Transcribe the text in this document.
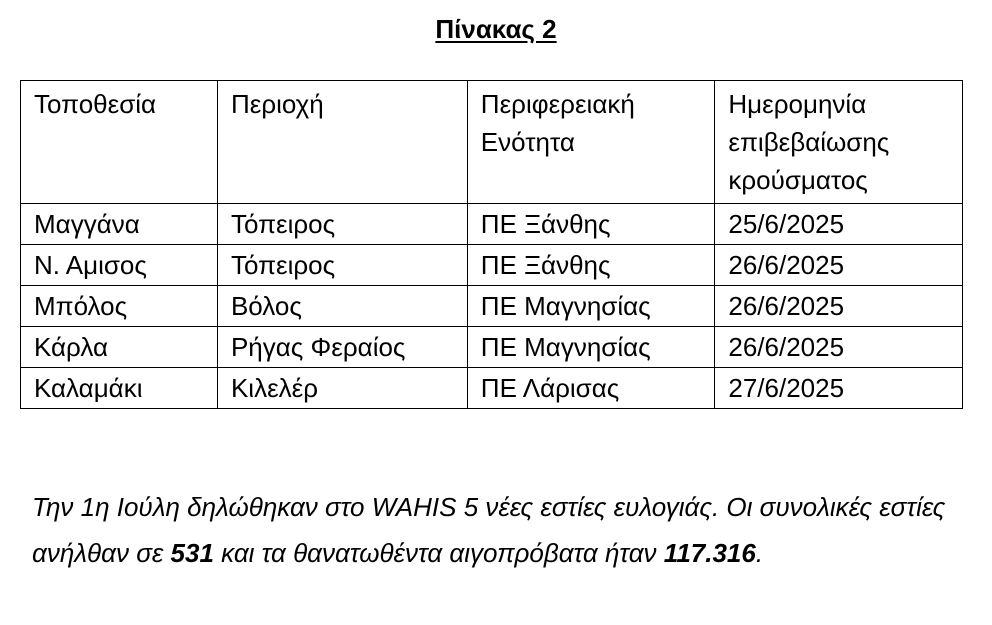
Πίνακας 2
Τοποθεσία	Περιοχή	Περιφερειακή Ενότητα	Ημερομηνία επιβεβαίωσης κρούσματος
Μαγγάνα	Τόπειρος	ΠΕ Ξάνθης	25/6/2025
Ν. Αμισος	Τόπειρος	ΠΕ Ξάνθης	26/6/2025
Μπόλος	Βόλος	ΠΕ Μαγνησίας	26/6/2025
Κάρλα	Ρήγας Φεραίος	ΠΕ Μαγνησίας	26/6/2025
Καλαμάκι	Κιλελέρ	ΠΕ Λάρισας	27/6/2025
Την 1η Ιούλη δηλώθηκαν στο WAHIS 5 νέες εστίες ευλογιάς. Οι συνολικές εστίες ανήλθαν σε 531 και τα θανατωθέντα αιγοπρόβατα ήταν 117.316.
